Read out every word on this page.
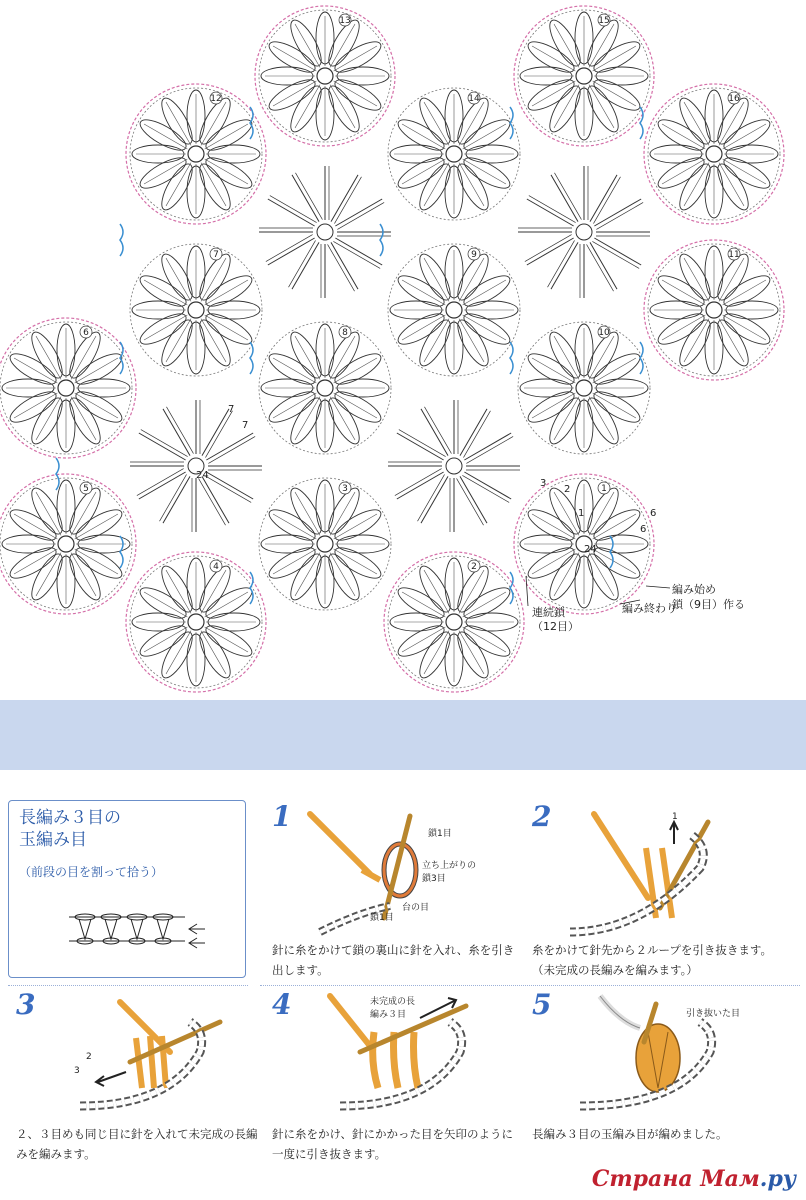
13	15
12	14	16
7	9	11
6	8	10
5	3	1
4	2
7
7
24
3
2
1	6
6
24
編み始め
鎖（9目）作る
編み終わり
連続鎖
（12目）
長編み３目の
玉編み目
（前段の目を割って拾う）
1
鎖1目
立ち上がりの鎖3目
台の目
鎖1目
針に糸をかけて鎖の裏山に針を入れ、糸を引き出します。
2	1
糸をかけて針先から２ループを引き抜きます。（未完成の長編みを編みます。）
3
2
3
２、３目めも同じ目に針を入れて未完成の長編みを編みます。
4	未完成の長編み３目
針に糸をかけ、針にかかった目を矢印のように一度に引き抜きます。
5	引き抜いた目
長編み３目の玉編み目が編めました。
Страна Мам.ру
